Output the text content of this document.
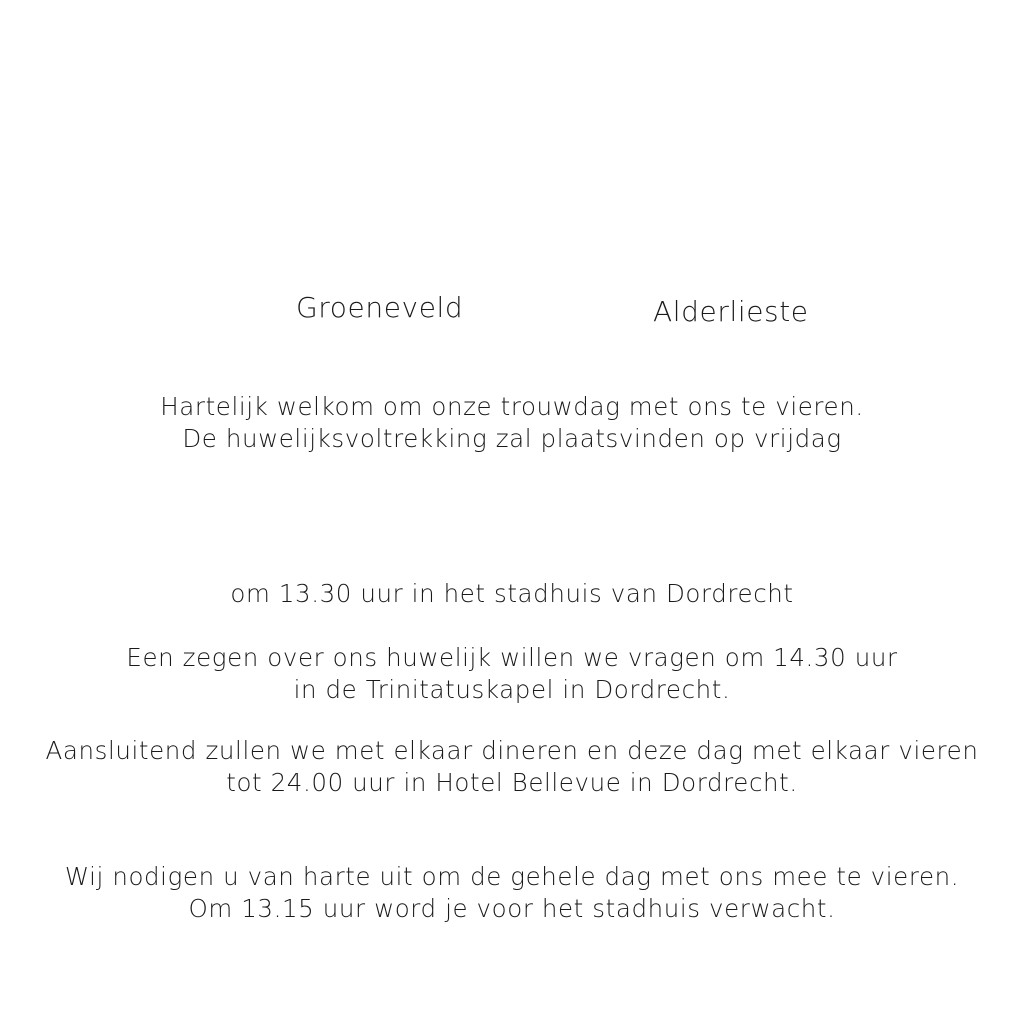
Groeneveld	Alderlieste
Hartelijk welkom om onze trouwdag met ons te vieren.
De huwelijksvoltrekking zal plaatsvinden op vrijdag
om 13.30 uur in het stadhuis van Dordrecht
Een zegen over ons huwelijk willen we vragen om 14.30 uur
in de Trinitatuskapel in Dordrecht.
Aansluitend zullen we met elkaar dineren en deze dag met elkaar vieren
tot 24.00 uur in Hotel Bellevue in Dordrecht.
Wij nodigen u van harte uit om de gehele dag met ons mee te vieren.
Om 13.15 uur word je voor het stadhuis verwacht.
